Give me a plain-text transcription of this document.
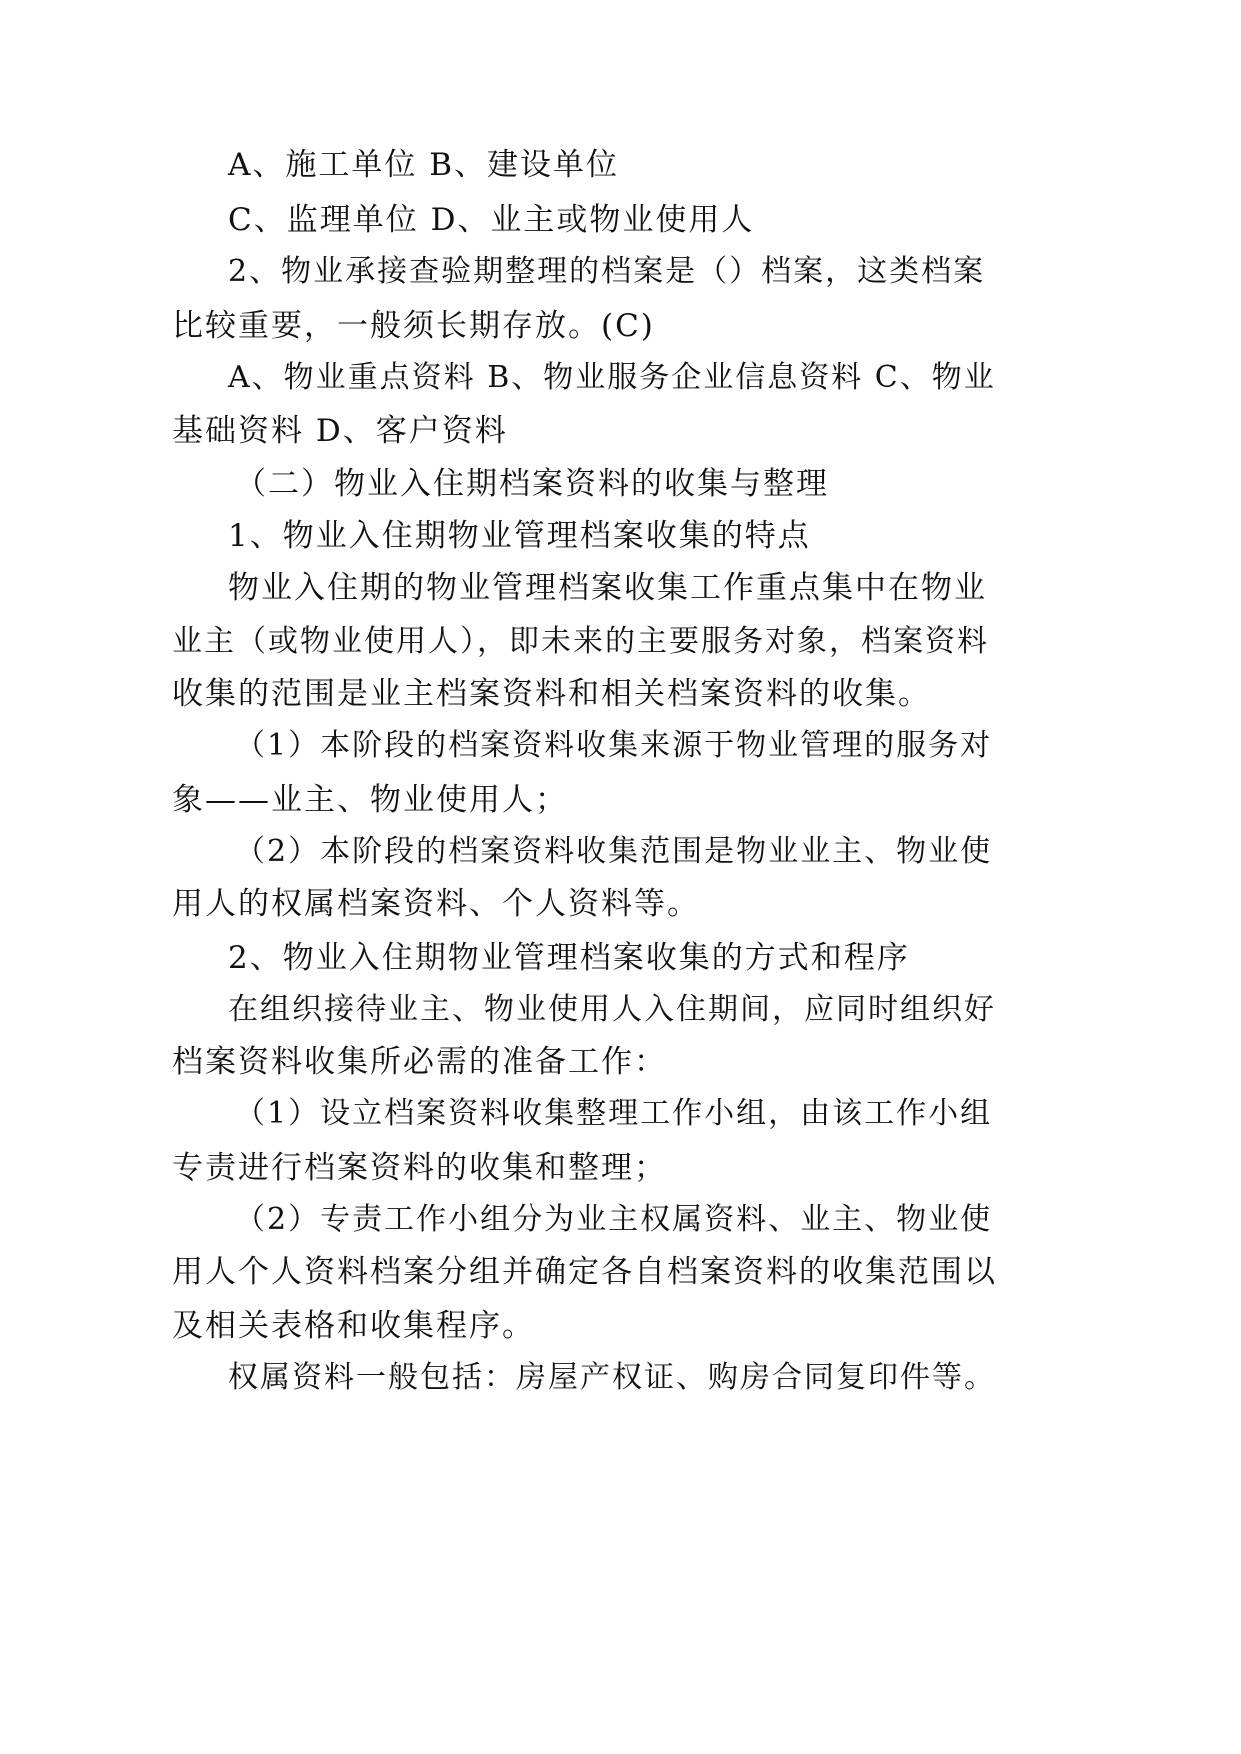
A、施工单位 B、建设单位
C、监理单位 D、业主或物业使用人
2、物业承接查验期整理的档案是（）档案，这类档案
比较重要，一般须长期存放。(C)
A、物业重点资料 B、物业服务企业信息资料 C、物业
基础资料 D、客户资料
（二）物业入住期档案资料的收集与整理
1、物业入住期物业管理档案收集的特点
物业入住期的物业管理档案收集工作重点集中在物业
业主（或物业使用人），即未来的主要服务对象，档案资料
收集的范围是业主档案资料和相关档案资料的收集。
（1）本阶段的档案资料收集来源于物业管理的服务对
象——业主、物业使用人；
（2）本阶段的档案资料收集范围是物业业主、物业使
用人的权属档案资料、个人资料等。
2、物业入住期物业管理档案收集的方式和程序
在组织接待业主、物业使用人入住期间，应同时组织好
档案资料收集所必需的准备工作：
（1）设立档案资料收集整理工作小组，由该工作小组
专责进行档案资料的收集和整理；
（2）专责工作小组分为业主权属资料、业主、物业使
用人个人资料档案分组并确定各自档案资料的收集范围以
及相关表格和收集程序。
权属资料一般包括：房屋产权证、购房合同复印件等。
